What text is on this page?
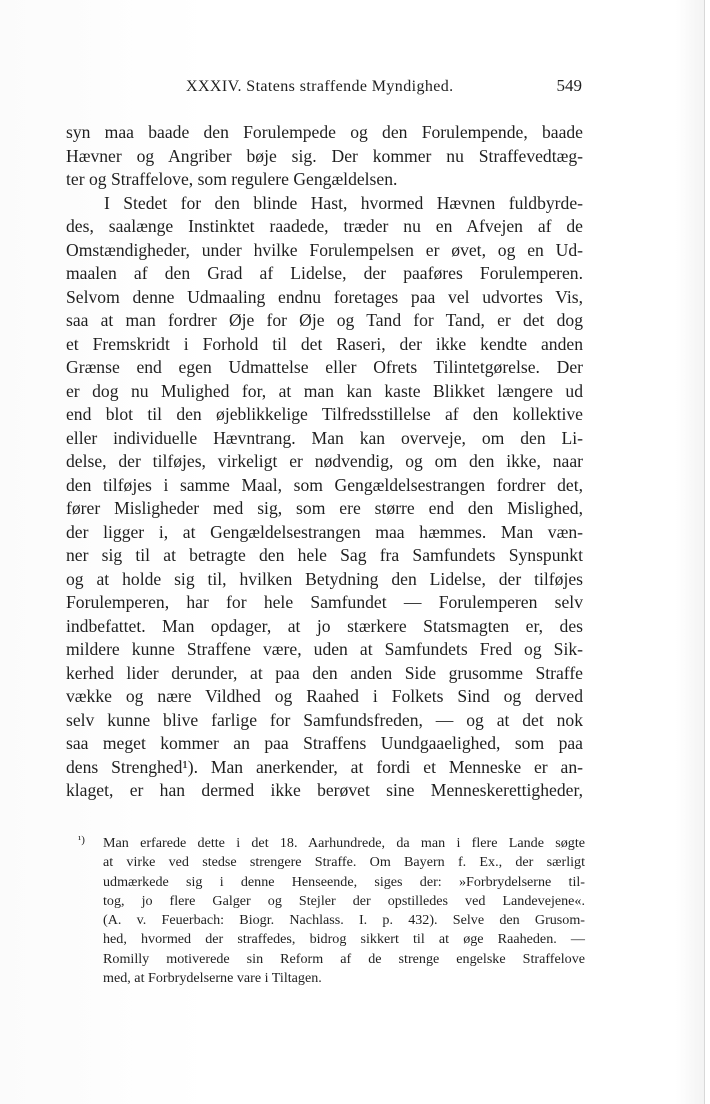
XXXIV. Statens straffende Myndighed.	549
syn maa baade den Forulempede og den Forulempende, baade
Hævner og Angriber bøje sig. Der kommer nu Straffevedtæg-
ter og Straffelove, som regulere Gengældelsen.
I Stedet for den blinde Hast, hvormed Hævnen fuldbyrde-
des, saalænge Instinktet raadede, træder nu en Afvejen af de
Omstændigheder, under hvilke Forulempelsen er øvet, og en Ud-
maalen af den Grad af Lidelse, der paaføres Forulemperen.
Selvom denne Udmaaling endnu foretages paa vel udvortes Vis,
saa at man fordrer Øje for Øje og Tand for Tand, er det dog
et Fremskridt i Forhold til det Raseri, der ikke kendte anden
Grænse end egen Udmattelse eller Ofrets Tilintetgørelse. Der
er dog nu Mulighed for, at man kan kaste Blikket længere ud
end blot til den øjeblikkelige Tilfredsstillelse af den kollektive
eller individuelle Hævntrang. Man kan overveje, om den Li-
delse, der tilføjes, virkeligt er nødvendig, og om den ikke, naar
den tilføjes i samme Maal, som Gengældelsestrangen fordrer det,
fører Misligheder med sig, som ere større end den Mislighed,
der ligger i, at Gengældelsestrangen maa hæmmes. Man væn-
ner sig til at betragte den hele Sag fra Samfundets Synspunkt
og at holde sig til, hvilken Betydning den Lidelse, der tilføjes
Forulemperen, har for hele Samfundet — Forulemperen selv
indbefattet. Man opdager, at jo stærkere Statsmagten er, des
mildere kunne Straffene være, uden at Samfundets Fred og Sik-
kerhed lider derunder, at paa den anden Side grusomme Straffe
vække og nære Vildhed og Raahed i Folkets Sind og derved
selv kunne blive farlige for Samfundsfreden, — og at det nok
saa meget kommer an paa Straffens Uundgaaelighed, som paa
dens Strenghed¹). Man anerkender, at fordi et Menneske er an-
klaget, er han dermed ikke berøvet sine Menneskerettigheder,
¹) Man erfarede dette i det 18. Aarhundrede, da man i flere Lande søgte
at virke ved stedse strengere Straffe. Om Bayern f. Ex., der særligt
udmærkede sig i denne Henseende, siges der: »Forbrydelserne til-
tog, jo flere Galger og Stejler der opstilledes ved Landevejene«.
(A. v. Feuerbach: Biogr. Nachlass. I. p. 432). Selve den Grusom-
hed, hvormed der straffedes, bidrog sikkert til at øge Raaheden. —
Romilly motiverede sin Reform af de strenge engelske Straffelove
med, at Forbrydelserne vare i Tiltagen.
